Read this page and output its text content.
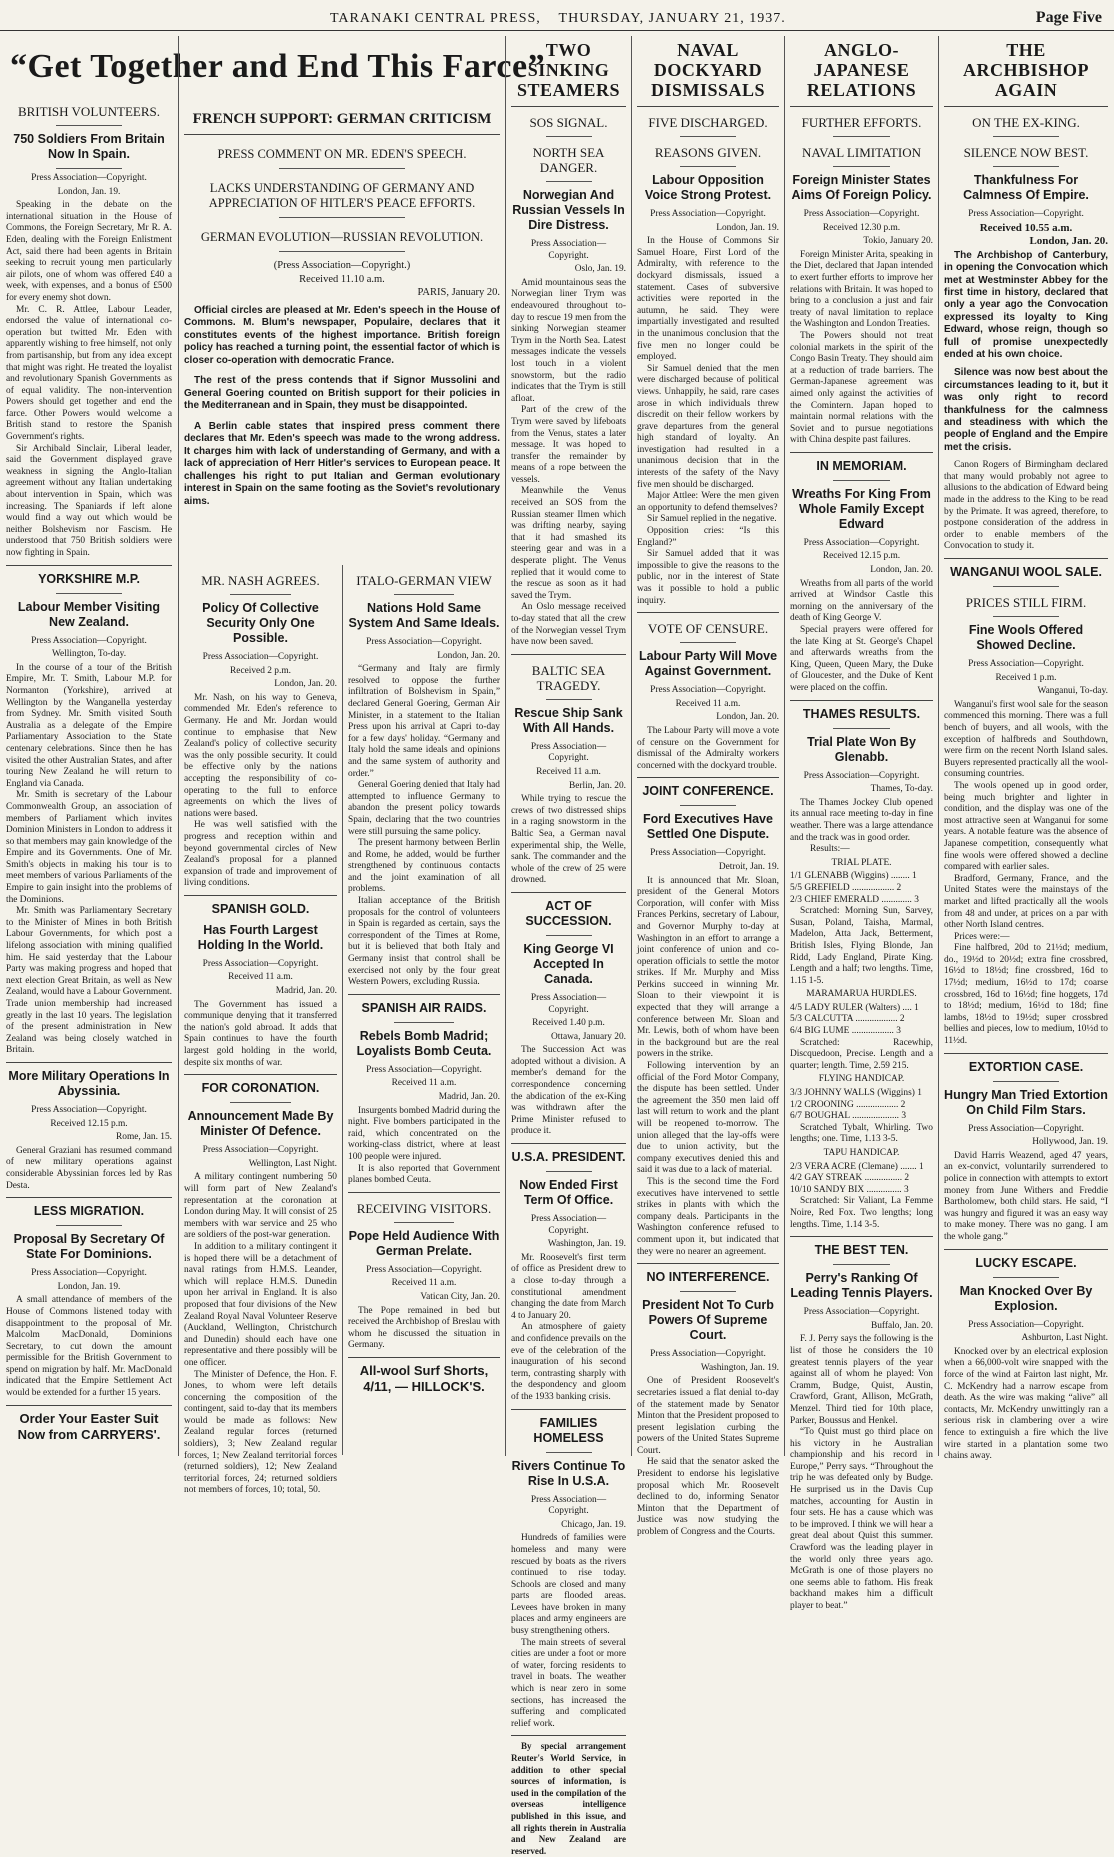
TARANAKI CENTRAL PRESS, THURSDAY, JANUARY 21, 1937.	Page Five
“Get Together and End This Farce”
BRITISH VOLUNTEERS.
750 Soldiers From Britain Now In Spain.
Press Association—Copyright.
London, Jan. 19.

Speaking in the debate on the international situation in the House of Commons, the Foreign Secretary, Mr R. A. Eden, dealing with the Foreign Enlistment Act, said there had been agents in Britain seeking to recruit young men particularly air pilots, one of whom was offered £40 a week, with expenses, and a bonus of £500 for every enemy shot down.

Mr. C. R. Attlee, Labour Leader, endorsed the value of international co-operation but twitted Mr. Eden with apparently wishing to free himself, not only from partisanship, but from any idea except that might was right. He treated the loyalist and revolutionary Spanish Governments as of equal validity. The non-intervention Powers should get together and end the farce. Other Powers would welcome a British stand to restore the Spanish Government's rights.

Sir Archibald Sinclair, Liberal leader, said the Government displayed grave weakness in signing the Anglo-Italian agreement without any Italian undertaking about intervention in Spain, which was increasing. The Spaniards if left alone would find a way out which would be neither Bolshevism nor Fascism. He understood that 750 British soldiers were now fighting in Spain.

YORKSHIRE M.P.
Labour Member Visiting New Zealand.
Press Association—Copyright.
Wellington, To-day.

In the course of a tour of the British Empire, Mr. T. Smith, Labour M.P. for Normanton (Yorkshire), arrived at Wellington by the Wanganella yesterday from Sydney. Mr. Smith visited South Australia as a delegate of the Empire Parliamentary Association to the State centenary celebrations. Since then he has visited the other Australian States, and after touring New Zealand he will return to England via Canada.

Mr. Smith is secretary of the Labour Commonwealth Group, an association of members of Parliament which invites Dominion Ministers in London to address it so that members may gain knowledge of the Empire and its Governments. One of Mr. Smith's objects in making his tour is to meet members of various Parliaments of the Empire to gain insight into the problems of the Dominions.

Mr. Smith was Parliamentary Secretary to the Minister of Mines in both British Labour Governments, for which post a lifelong association with mining qualified him. He said yesterday that the Labour Party was making progress and hoped that next election Great Britain, as well as New Zealand, would have a Labour Government. Trade union membership had increased greatly in the last 10 years. The legislation of the present administration in New Zealand was being closely watched in Britain.

More Military Operations In Abyssinia.
Press Association—Copyright.
Received 12.15 p.m.
Rome, Jan. 15.

General Graziani has resumed command of new military operations against considerable Abyssinian forces led by Ras Desta.

LESS MIGRATION.
Proposal By Secretary Of State For Dominions.
Press Association—Copyright.
London, Jan. 19.

A small attendance of members of the House of Commons listened today with disappointment to the proposal of Mr. Malcolm MacDonald, Dominions Secretary, to cut down the amount permissible for the British Government to spend on migration by half. Mr. MacDonald indicated that the Empire Settlement Act would be extended for a further 15 years.

Order Your Easter Suit Now from CARRYERS'.
FRENCH SUPPORT: GERMAN CRITICISM
PRESS COMMENT ON MR. EDEN'S SPEECH.
LACKS UNDERSTANDING OF GERMANY AND APPRECIATION OF HITLER'S PEACE EFFORTS.
GERMAN EVOLUTION—RUSSIAN REVOLUTION.
(Press Association—Copyright.)
Received 11.10 a.m.
PARIS, January 20.

Official circles are pleased at Mr. Eden's speech in the House of Commons. M. Blum's newspaper, Populaire, declares that it constitutes events of the highest importance. British foreign policy has reached a turning point, the essential factor of which is closer co-operation with democratic France.

The rest of the press contends that if Signor Mussolini and General Goering counted on British support for their policies in the Mediterranean and in Spain, they must be disappointed.

A Berlin cable states that inspired press comment there declares that Mr. Eden's speech was made to the wrong address. It charges him with lack of understanding of Germany, and with a lack of appreciation of Herr Hitler's services to European peace. It challenges his right to put Italian and German evolutionary interest in Spain on the same footing as the Soviet's revolutionary aims.

MR. NASH AGREES.
Policy Of Collective Security Only One Possible.
Press Association—Copyright.
Received 2 p.m.
London, Jan. 20.

Mr. Nash, on his way to Geneva, commended Mr. Eden's reference to Germany. He and Mr. Jordan would continue to emphasise that New Zealand's policy of collective security was the only possible security. It could be effective only by the nations accepting the responsibility of co-operating to the full to enforce agreements on which the lives of nations were based.

He was well satisfied with the progress and reception within and beyond governmental circles of New Zealand's proposal for a planned expansion of trade and improvement of living conditions.

SPANISH GOLD.
Has Fourth Largest Holding In the World.
Press Association—Copyright.
Received 11 a.m.
Madrid, Jan. 20.

The Government has issued a communique denying that it transferred the nation's gold abroad. It adds that Spain continues to have the fourth largest gold holding in the world, despite six months of war.

FOR CORONATION.
Announcement Made By Minister Of Defence.
Press Association—Copyright.
Wellington, Last Night.

A military contingent numbering 50 will form part of New Zealand's representation at the coronation at London during May. It will consist of 25 members with war service and 25 who are soldiers of the post-war generation.

In addition to a military contingent it is hoped there will be a detachment of naval ratings from H.M.S. Leander, which will replace H.M.S. Dunedin upon her arrival in England. It is also proposed that four divisions of the New Zealand Royal Naval Volunteer Reserve (Auckland, Wellington, Christchurch and Dunedin) should each have one representative and there possibly will be one officer.

The Minister of Defence, the Hon. F. Jones, to whom were left details concerning the composition of the contingent, said to-day that its members would be made as follows: New Zealand regular forces (returned soldiers), 3; New Zealand regular forces, 1; New Zealand territorial forces (returned soldiers), 12; New Zealand territorial forces, 24; returned soldiers not members of forces, 10; total, 50.

ITALO-GERMAN VIEW
Nations Hold Same System And Same Ideals.
Press Association—Copyright.
London, Jan. 20.

“Germany and Italy are firmly resolved to oppose the further infiltration of Bolshevism in Spain,” declared General Goering, German Air Minister, in a statement to the Italian Press upon his arrival at Capri to-day for a few days' holiday. “Germany and Italy hold the same ideals and opinions and the same system of authority and order.”

General Goering denied that Italy had attempted to influence Germany to abandon the present policy towards Spain, declaring that the two countries were still pursuing the same policy.

The present harmony between Berlin and Rome, he added, would be further strengthened by continuous contacts and the joint examination of all problems.

Italian acceptance of the British proposals for the control of volunteers in Spain is regarded as certain, says the correspondent of the Times at Rome, but it is believed that both Italy and Germany insist that control shall be exercised not only by the four great Western Powers, excluding Russia.

SPANISH AIR RAIDS.
Rebels Bomb Madrid; Loyalists Bomb Ceuta.
Press Association—Copyright.
Received 11 a.m.
Madrid, Jan. 20.

Insurgents bombed Madrid during the night. Five bombers participated in the raid, which concentrated on the working-class district, where at least 100 people were injured.

It is also reported that Government planes bombed Ceuta.

RECEIVING VISITORS.
Pope Held Audience With German Prelate.
Press Association—Copyright.
Received 11 a.m.
Vatican City, Jan. 20.

The Pope remained in bed but received the Archbishop of Breslau with whom he discussed the situation in Germany.

All-wool Surf Shorts, 4/11, — HILLOCK'S.
TWO SINKING STEAMERS
SOS SIGNAL.
NORTH SEA DANGER.
Norwegian And Russian Vessels In Dire Distress.
Press Association—Copyright.
Oslo, Jan. 19.

Amid mountainous seas the Norwegian liner Trym was endeavoured throughout to-day to rescue 19 men from the sinking Norwegian steamer Trym in the North Sea. Latest messages indicate the vessels lost touch in a violent snowstorm, but the radio indicates that the Trym is still afloat.

Part of the crew of the Trym were saved by lifeboats from the Venus, states a later message. It was hoped to transfer the remainder by means of a rope between the vessels.

Meanwhile the Venus received an SOS from the Russian steamer Ilmen which was drifting nearby, saying that it had smashed its steering gear and was in a desperate plight. The Venus replied that it would come to the rescue as soon as it had saved the Trym.

An Oslo message received to-day stated that all the crew of the Norwegian vessel Trym have now been saved.

BALTIC SEA TRAGEDY.
Rescue Ship Sank With All Hands.
Press Association—Copyright.
Received 11 a.m.
Berlin, Jan. 20.

While trying to rescue the crews of two distressed ships in a raging snowstorm in the Baltic Sea, a German naval experimental ship, the Welle, sank. The commander and the whole of the crew of 25 were drowned.

ACT OF SUCCESSION.
King George VI Accepted In Canada.
Press Association—Copyright.
Received 1.40 p.m.
Ottawa, January 20.

The Succession Act was adopted without a division. A member's demand for the correspondence concerning the abdication of the ex-King was withdrawn after the Prime Minister refused to produce it.

U.S.A. PRESIDENT.
Now Ended First Term Of Office.
Press Association—Copyright.
Washington, Jan. 19.

Mr. Roosevelt's first term of office as President drew to a close to-day through a constitutional amendment changing the date from March 4 to January 20.

An atmosphere of gaiety and confidence prevails on the eve of the celebration of the inauguration of his second term, contrasting sharply with the despondency and gloom of the 1933 banking crisis.

FAMILIES HOMELESS
Rivers Continue To Rise In U.S.A.
Press Association—Copyright.
Chicago, Jan. 19.

Hundreds of families were homeless and many were rescued by boats as the rivers continued to rise today. Schools are closed and many parts are flooded areas. Levees have broken in many places and army engineers are busy strengthening others.

The main streets of several cities are under a foot or more of water, forcing residents to travel in boats. The weather which is near zero in some sections, has increased the suffering and complicated relief work.

By special arrangement Reuter's World Service, in addition to other special sources of information, is used in the compilation of the overseas intelligence published in this issue, and all rights therein in Australia and New Zealand are reserved.

NAVAL DOCKYARD DISMISSALS
FIVE DISCHARGED.
REASONS GIVEN.
Labour Opposition Voice Strong Protest.
Press Association—Copyright.
London, Jan. 19.

In the House of Commons Sir Samuel Hoare, First Lord of the Admiralty, with reference to the dockyard dismissals, issued a statement. Cases of subversive activities were reported in the autumn, he said. They were impartially investigated and resulted in the unanimous conclusion that the five men no longer could be employed.

Sir Samuel denied that the men were discharged because of political views. Unhappily, he said, rare cases arose in which individuals threw discredit on their fellow workers by grave departures from the general high standard of loyalty. An investigation had resulted in a unanimous decision that in the interests of the safety of the Navy five men should be discharged.

Major Attlee: Were the men given an opportunity to defend themselves?

Sir Samuel replied in the negative.

Opposition cries: “Is this England?”

Sir Samuel added that it was impossible to give the reasons to the public, nor in the interest of State was it possible to hold a public inquiry.

VOTE OF CENSURE.
Labour Party Will Move Against Government.
Press Association—Copyright.
Received 11 a.m.
London, Jan. 20.

The Labour Party will move a vote of censure on the Government for dismissal of the Admiralty workers concerned with the dockyard trouble.

JOINT CONFERENCE.
Ford Executives Have Settled One Dispute.
Press Association—Copyright.
Detroit, Jan. 19.

It is announced that Mr. Sloan, president of the General Motors Corporation, will confer with Miss Frances Perkins, secretary of Labour, and Governor Murphy to-day at Washington in an effort to arrange a joint conference of union and co-operation officials to settle the motor strikes. If Mr. Murphy and Miss Perkins succeed in winning Mr. Sloan to their viewpoint it is expected that they will arrange a conference between Mr. Sloan and Mr. Lewis, both of whom have been in the background but are the real powers in the strike.

Following intervention by an official of the Ford Motor Company, the dispute has been settled. Under the agreement the 350 men laid off last will return to work and the plant will be reopened to-morrow. The union alleged that the lay-offs were due to union activity, but the company executives denied this and said it was due to a lack of material.

This is the second time the Ford executives have intervened to settle strikes in plants with which the company deals. Participants in the Washington conference refused to comment upon it, but indicated that they were no nearer an agreement.

NO INTERFERENCE.
President Not To Curb Powers Of Supreme Court.
Press Association—Copyright.
Washington, Jan. 19.

One of President Roosevelt's secretaries issued a flat denial to-day of the statement made by Senator Minton that the President proposed to present legislation curbing the powers of the United States Supreme Court.

He said that the senator asked the President to endorse his legislative proposal which Mr. Roosevelt declined to do, informing Senator Minton that the Department of Justice was now studying the problem of Congress and the Courts.

ANGLO-JAPANESE RELATIONS
FURTHER EFFORTS.
NAVAL LIMITATION
Foreign Minister States Aims Of Foreign Policy.
Press Association—Copyright.
Received 12.30 p.m.
Tokio, January 20.

Foreign Minister Arita, speaking in the Diet, declared that Japan intended to exert further efforts to improve her relations with Britain. It was hoped to bring to a conclusion a just and fair treaty of naval limitation to replace the Washington and London Treaties.

The Powers should not treat colonial markets in the spirit of the Congo Basin Treaty. They should aim at a reduction of trade barriers. The German-Japanese agreement was aimed only against the activities of the Comintern. Japan hoped to maintain normal relations with the Soviet and to pursue negotiations with China despite past failures.

IN MEMORIAM.
Wreaths For King From Whole Family Except Edward
Press Association—Copyright.
Received 12.15 p.m.
London, Jan. 20.

Wreaths from all parts of the world arrived at Windsor Castle this morning on the anniversary of the death of King George V.

Special prayers were offered for the late King at St. George's Chapel and afterwards wreaths from the King, Queen, Queen Mary, the Duke of Gloucester, and the Duke of Kent were placed on the coffin.

THAMES RESULTS.
Trial Plate Won By Glenabb.
Press Association—Copyright.
Thames, To-day.

The Thames Jockey Club opened its annual race meeting to-day in fine weather. There was a large attendance and the track was in good order.

Results:—
TRIAL PLATE.
1/1 GLENABB (Wiggins) ........ 1
5/5 GREFIELD .................. 2
2/3 CHIEF EMERALD ............. 3

Scratched: Morning Sun, Sarvey, Susan, Poland, Taisha, Marmal, Madelon, Atta Jack, Betterment, British Isles, Flying Blonde, Jan Ridd, Lady England, Pirate King. Length and a half; two lengths. Time, 1.15 1-5.

MARAMARUA HURDLES.
4/5 LADY RULER (Walters) .... 1
5/3 CALCUTTA .................. 2
6/4 BIG LUME .................. 3

Scratched: Racewhip, Discquedoon, Precise. Length and a quarter; length. Time, 2.59 215.

FLYING HANDICAP.
3/3 JOHNNY WALLS (Wiggins) 1
1/2 CROONING .................. 2
6/7 BOUGHAL .................... 3

Scratched Tybalt, Whirling. Two lengths; one. Time, 1.13 3-5.

TAPU HANDICAP.
2/3 VERA ACRE (Clemane) ....... 1
4/2 GAY STREAK ................ 2
10/10 SANDY BIX ............... 3

Scratched: Sir Valiant, La Femme Noire, Red Fox. Two lengths; long lengths. Time, 1.14 3-5.

THE BEST TEN.
Perry's Ranking Of Leading Tennis Players.
Press Association—Copyright.
Buffalo, Jan. 20.

F. J. Perry says the following is the list of those he considers the 10 greatest tennis players of the year against all of whom he played: Von Cramm, Budge, Quist, Austin, Crawford, Grant, Allison, McGrath, Menzel. Third tied for 10th place, Parker, Boussus and Henkel.

“To Quist must go third place on his victory in he Australian championship and his record in Europe,” Perry says. “Throughout the trip he was defeated only by Budge. He surprised us in the Davis Cup matches, accounting for Austin in four sets. He has a cause which was to be improved. I think we will hear a great deal about Quist this summer. Crawford was the leading player in the world only three years ago. McGrath is one of those players no one seems able to fathom. His freak backhand makes him a difficult player to beat.”

THE ARCHBISHOP AGAIN
ON THE EX-KING.
SILENCE NOW BEST.
Thankfulness For Calmness Of Empire.
Press Association—Copyright.
Received 10.55 a.m.
London, Jan. 20.

The Archbishop of Canterbury, in opening the Convocation which met at Westminster Abbey for the first time in history, declared that only a year ago the Convocation expressed its loyalty to King Edward, whose reign, though so full of promise unexpectedly ended at his own choice.

Silence was now best about the circumstances leading to it, but it was only right to record thankfulness for the calmness and steadiness with which the people of England and the Empire met the crisis.

Canon Rogers of Birmingham declared that many would probably not agree to allusions to the abdication of Edward being made in the address to the King to be read by the Primate. It was agreed, therefore, to postpone consideration of the address in order to enable members of the Convocation to study it.

WANGANUI WOOL SALE.
PRICES STILL FIRM.
Fine Wools Offered Showed Decline.
Press Association—Copyright.
Received 1 p.m.
Wanganui, To-day.

Wanganui's first wool sale for the season commenced this morning. There was a full bench of buyers, and all wools, with the exception of halfbreds and Southdown, were firm on the recent North Island sales. Buyers represented practically all the wool-consuming countries.

The wools opened up in good order, being much brighter and lighter in condition, and the display was one of the most attractive seen at Wanganui for some years. A notable feature was the absence of Japanese competition, consequently what fine wools were offered showed a decline compared with earlier sales.

Bradford, Germany, France, and the United States were the mainstays of the market and lifted practically all the wools from 48 and under, at prices on a par with other North Island centres.

Prices were:—

Fine halfbred, 20d to 21½d; medium, do., 19½d to 20½d; extra fine crossbred, 16½d to 18½d; fine crossbred, 16d to 17½d; medium, 16½d to 17d; coarse crossbred, 16d to 16½d; fine hoggets, 17d to 18½d; medium, 16½d to 18d; fine lambs, 18½d to 19½d; super crossbred bellies and pieces, low to medium, 10½d to 11½d.

EXTORTION CASE.
Hungry Man Tried Extortion On Child Film Stars.
Press Association—Copyright.
Hollywood, Jan. 19.

David Harris Weazend, aged 47 years, an ex-convict, voluntarily surrendered to police in connection with attempts to extort money from June Withers and Freddie Bartholomew, both child stars. He said, “I was hungry and figured it was an easy way to make money. There was no gang. I am the whole gang.”

LUCKY ESCAPE.
Man Knocked Over By Explosion.
Press Association—Copyright.
Ashburton, Last Night.

Knocked over by an electrical explosion when a 66,000-volt wire snapped with the force of the wind at Fairton last night, Mr. C. McKendry had a narrow escape from death. As the wire was making “alive” all contacts, Mr. McKendry unwittingly ran a serious risk in clambering over a wire fence to extinguish a fire which the live wire started in a plantation some two chains away.
